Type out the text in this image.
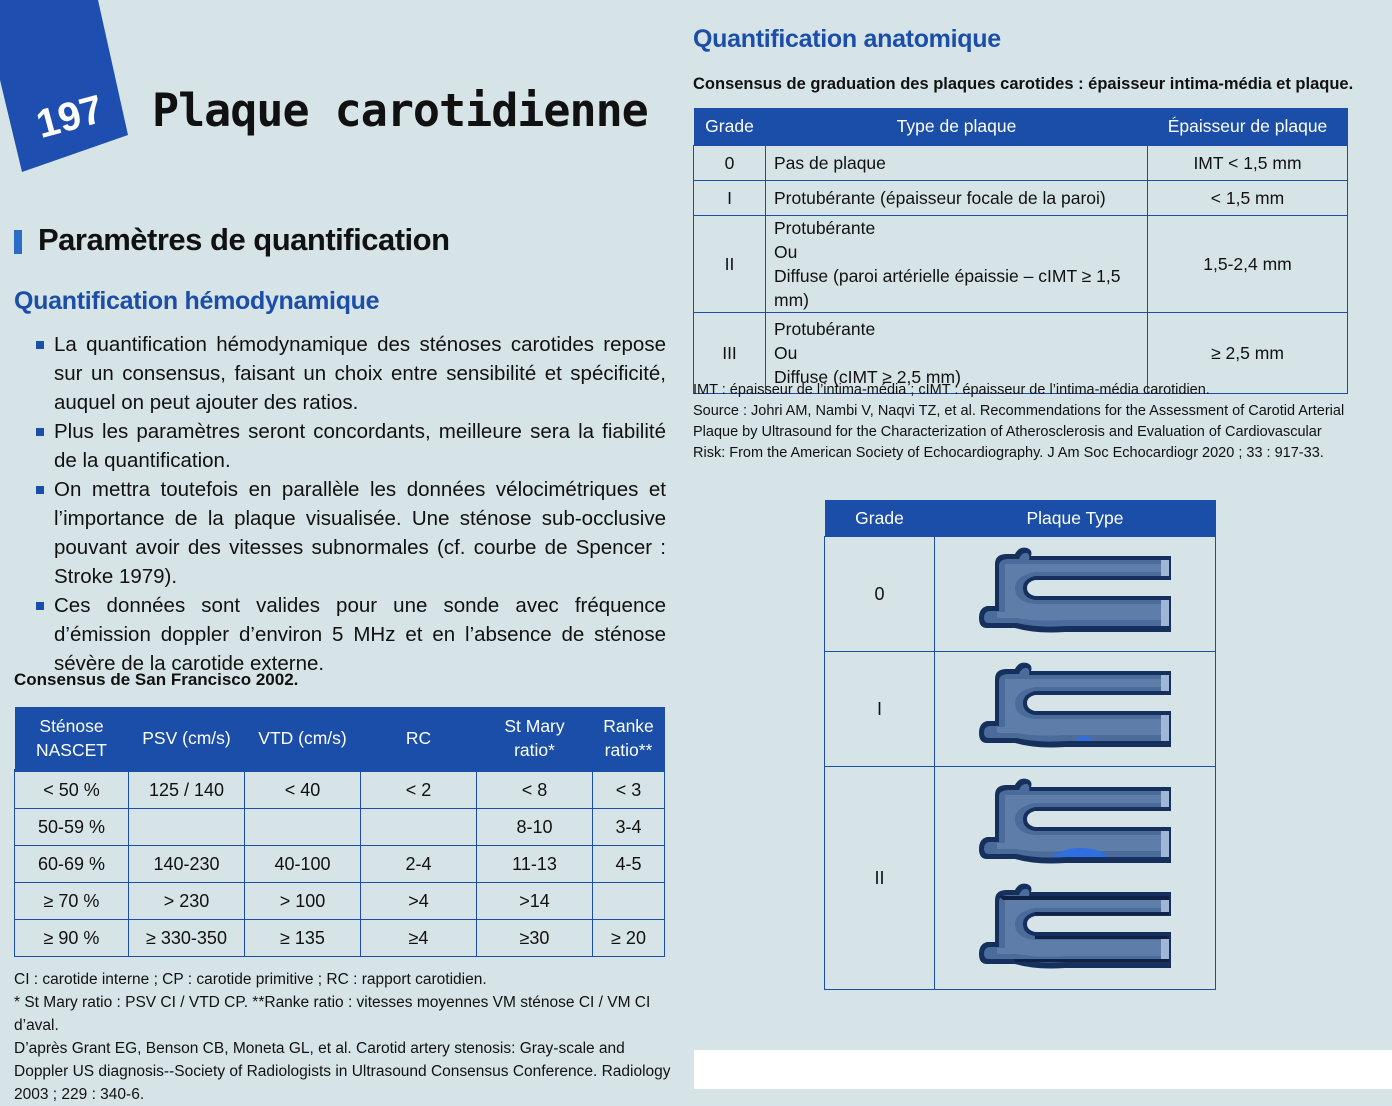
197 Plaque carotidienne
Paramètres de quantification
Quantification hémodynamique
La quantification hémodynamique des sténoses carotides repose sur un consensus, faisant un choix entre sensibilité et spécificité, auquel on peut ajouter des ratios.
Plus les paramètres seront concordants, meilleure sera la fiabilité de la quantification.
On mettra toutefois en parallèle les données vélocimétriques et l’importance de la plaque visualisée. Une sténose sub-occlusive pouvant avoir des vitesses subnormales (cf. courbe de Spencer : Stroke 1979).
Ces données sont valides pour une sonde avec fréquence d’émission doppler d’environ 5 MHz et en l’absence de sténose sévère de la carotide externe.
Consensus de San Francisco 2002.
Sténose
NASCET	PSV (cm/s)	VTD (cm/s)	RC	St Mary
ratio*	Ranke
ratio**
< 50 %	125 / 140	< 40	< 2	< 8	< 3
50-59 %				8-10	3-4
60-69 %	140-230	40-100	2-4	11-13	4-5
≥ 70 %	> 230	> 100	>4	>14	
≥ 90 %	≥ 330-350	≥ 135	≥4	≥30	≥ 20
CI : carotide interne ; CP : carotide primitive ; RC : rapport carotidien.
* St Mary ratio : PSV CI / VTD CP. **Ranke ratio : vitesses moyennes VM sténose CI / VM CI d’aval.
D’après Grant EG, Benson CB, Moneta GL, et al. Carotid artery stenosis: Gray-scale and Doppler US diagnosis--Society of Radiologists in Ultrasound Consensus Conference. Radiology 2003 ; 229 : 340-6.
Quantification anatomique
Consensus de graduation des plaques carotides : épaisseur intima-média et plaque.
Grade	Type de plaque	Épaisseur de plaque
0	Pas de plaque	IMT < 1,5 mm
I	Protubérante (épaisseur focale de la paroi)	< 1,5 mm
II	Protubérante
Ou
Diffuse (paroi artérielle épaissie – cIMT ≥ 1,5 mm)	1,5-2,4 mm
III	Protubérante
Ou
Diffuse (cIMT ≥ 2,5 mm)	≥ 2,5 mm
IMT : épaisseur de l’intima-média ; cIMT : épaisseur de l’intima-média carotidien.
Source : Johri AM, Nambi V, Naqvi TZ, et al. Recommendations for the Assessment of Carotid Arterial Plaque by Ultrasound for the Characterization of Atherosclerosis and Evaluation of Cardiovascular Risk: From the American Society of Echocardiography. J Am Soc Echocardiogr 2020 ; 33 : 917-33.
Grade	Plaque Type
0	
I	
II	
